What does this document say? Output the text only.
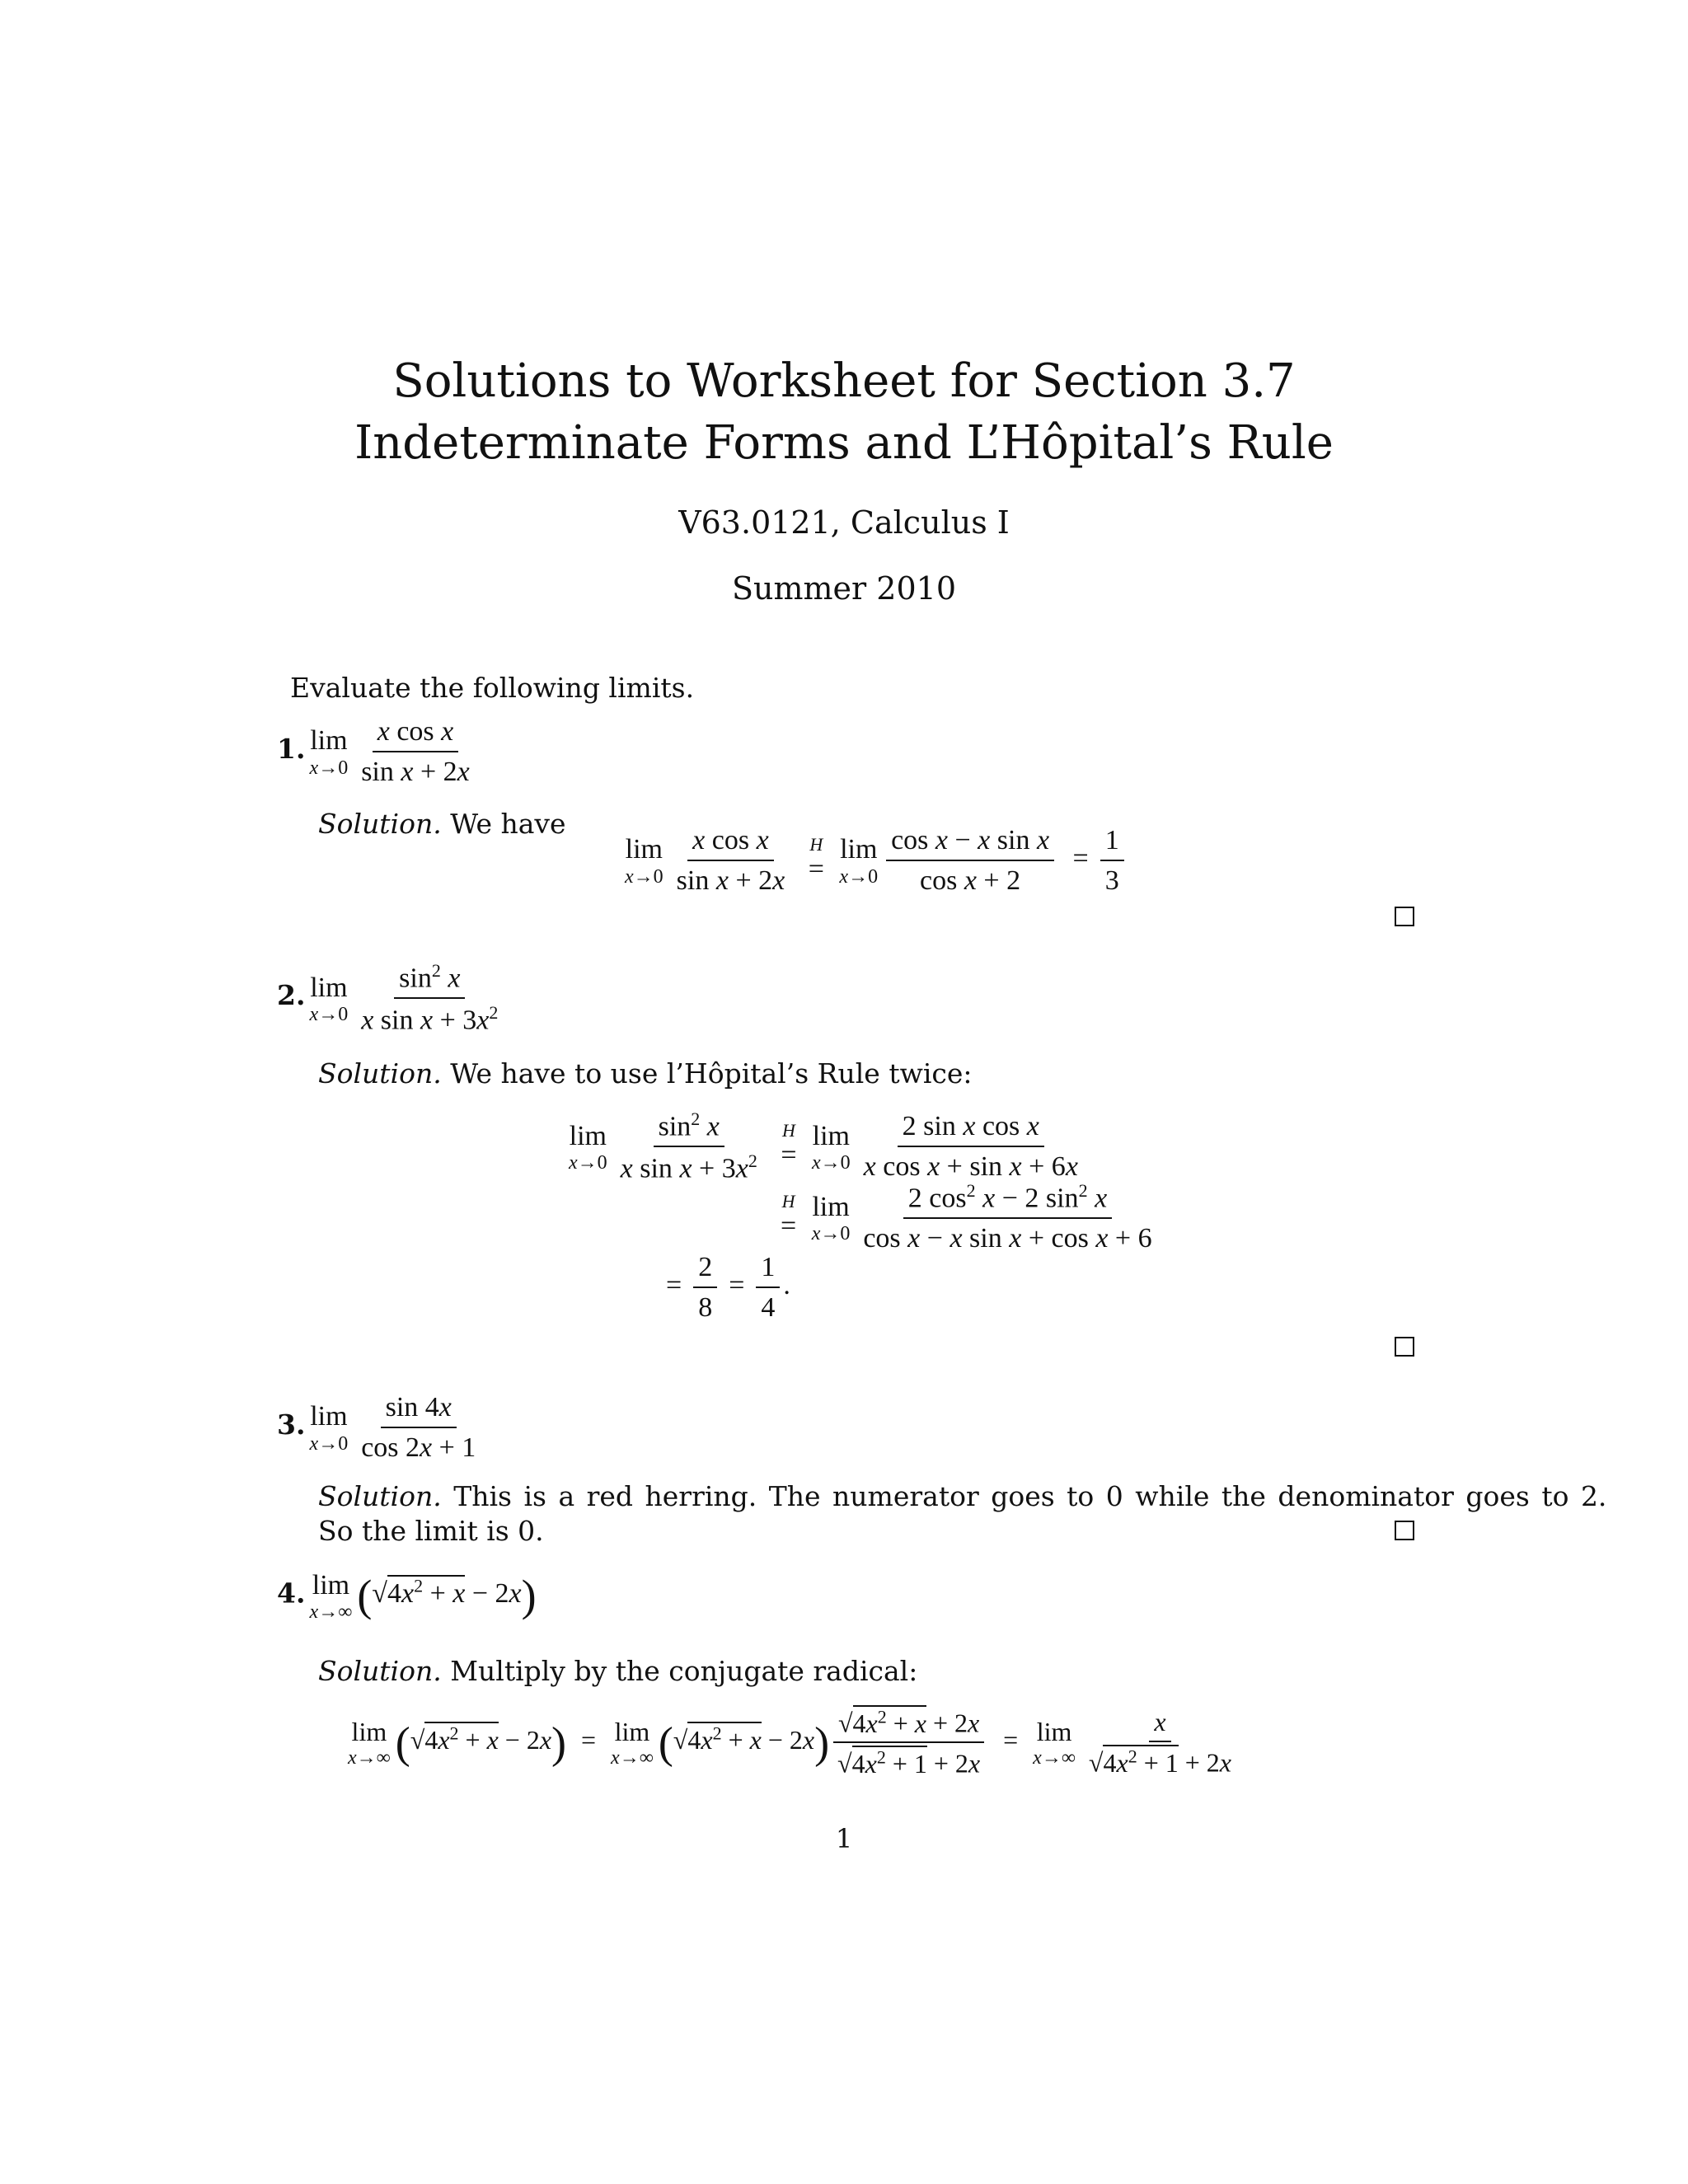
Solutions to Worksheet for Section 3.7
Indeterminate Forms and L’Hôpital’s Rule
V63.0121, Calculus I
Summer 2010
Evaluate the following limits.
1. lim
$x\to 0 \frac{\text{x cos x}}{\text{sin x + 2x}}$
Solution. We have
lim
$x\to 0 \frac{\text{x cos x}}{\text{sin x + 2x}}$
H
=

lim
$x\to 0 \frac{\text{cos x − x sin x}}{\text{cos x + 2}} = \frac{1}{3}$
2. lim
$x\to 0 \frac{\sin^2 x}{x \sin x + 3x^2}$
Solution. We have to use l’Hôpital’s Rule twice:
lim
$x\to 0 \frac{\sin^2 x}{x \sin x + 3x^2}$
H
=

lim
$x\to 0 \frac{\text{2 sin x cos x}}{\text{x cos x + sin x + 6x}}$
H
=

lim
$x\to 0 \frac{2 \cos^2 x - 2 \sin^2 x}{\text{cos x − x sin x + cos x + 6}}$
= $\frac{2}{8} = \frac{1}{4}$ .
3. lim
$x\to 0 \frac{\sin 4x}{\cos 2x + 1}$
Solution. This is a red herring. The numerator goes to 0 while the denominator goes to 2.
So the limit is 0.
4. lim
x→∞ $(√4x^2 + x - 2x)$
Solution. Multiply by the conjugate radical:
lim
x→∞ $(√4x^2 + x - 2x) = \lim$
x→∞ $(√4x^2 + x - 2x) \frac{√4x^2 + x + 2x}{√4x^2 + 1 + 2x} = \lim$
$x\to\infty \frac{x}{√4x^2 + 1 + 2x}$
1
